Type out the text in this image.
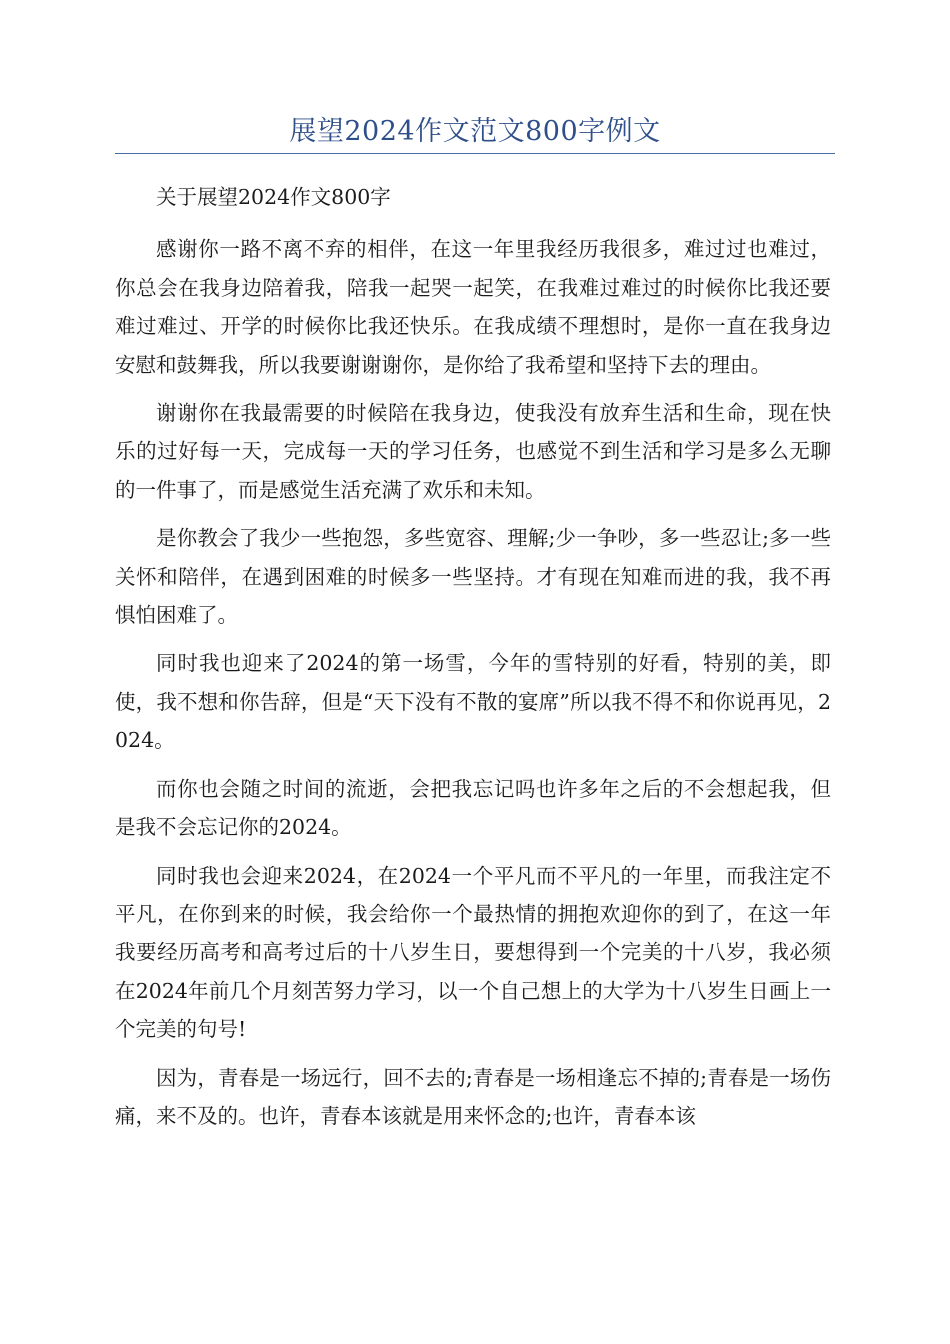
展望2024作文范文800字例文

关于展望2024作文800字

感谢你一路不离不弃的相伴，在这一年里我经历我很多，难过过也难过，你总会在我身边陪着我，陪我一起哭一起笑，在我难过难过的时候你比我还要难过难过、开学的时候你比我还快乐。在我成绩不理想时，是你一直在我身边安慰和鼓舞我，所以我要谢谢谢你，是你给了我希望和坚持下去的理由。

谢谢你在我最需要的时候陪在我身边，使我没有放弃生活和生命，现在快乐的过好每一天，完成每一天的学习任务，也感觉不到生活和学习是多么无聊的一件事了，而是感觉生活充满了欢乐和未知。

是你教会了我少一些抱怨，多些宽容、理解;少一争吵，多一些忍让;多一些关怀和陪伴，在遇到困难的时候多一些坚持。才有现在知难而进的我，我不再惧怕困难了。

同时我也迎来了2024的第一场雪，今年的雪特别的好看，特别的美，即使，我不想和你告辞，但是“天下没有不散的宴席”所以我不得不和你说再见，2024。

而你也会随之时间的流逝，会把我忘记吗也许多年之后的不会想起我，但是我不会忘记你的2024。

同时我也会迎来2024，在2024一个平凡而不平凡的一年里，而我注定不平凡，在你到来的时候，我会给你一个最热情的拥抱欢迎你的到了，在这一年我要经历高考和高考过后的十八岁生日，要想得到一个完美的十八岁，我必须在2024年前几个月刻苦努力学习，以一个自己想上的大学为十八岁生日画上一个完美的句号!

因为，青春是一场远行，回不去的;青春是一场相逢忘不掉的;青春是一场伤痛，来不及的。也许，青春本该就是用来怀念的;也许，青春本该
